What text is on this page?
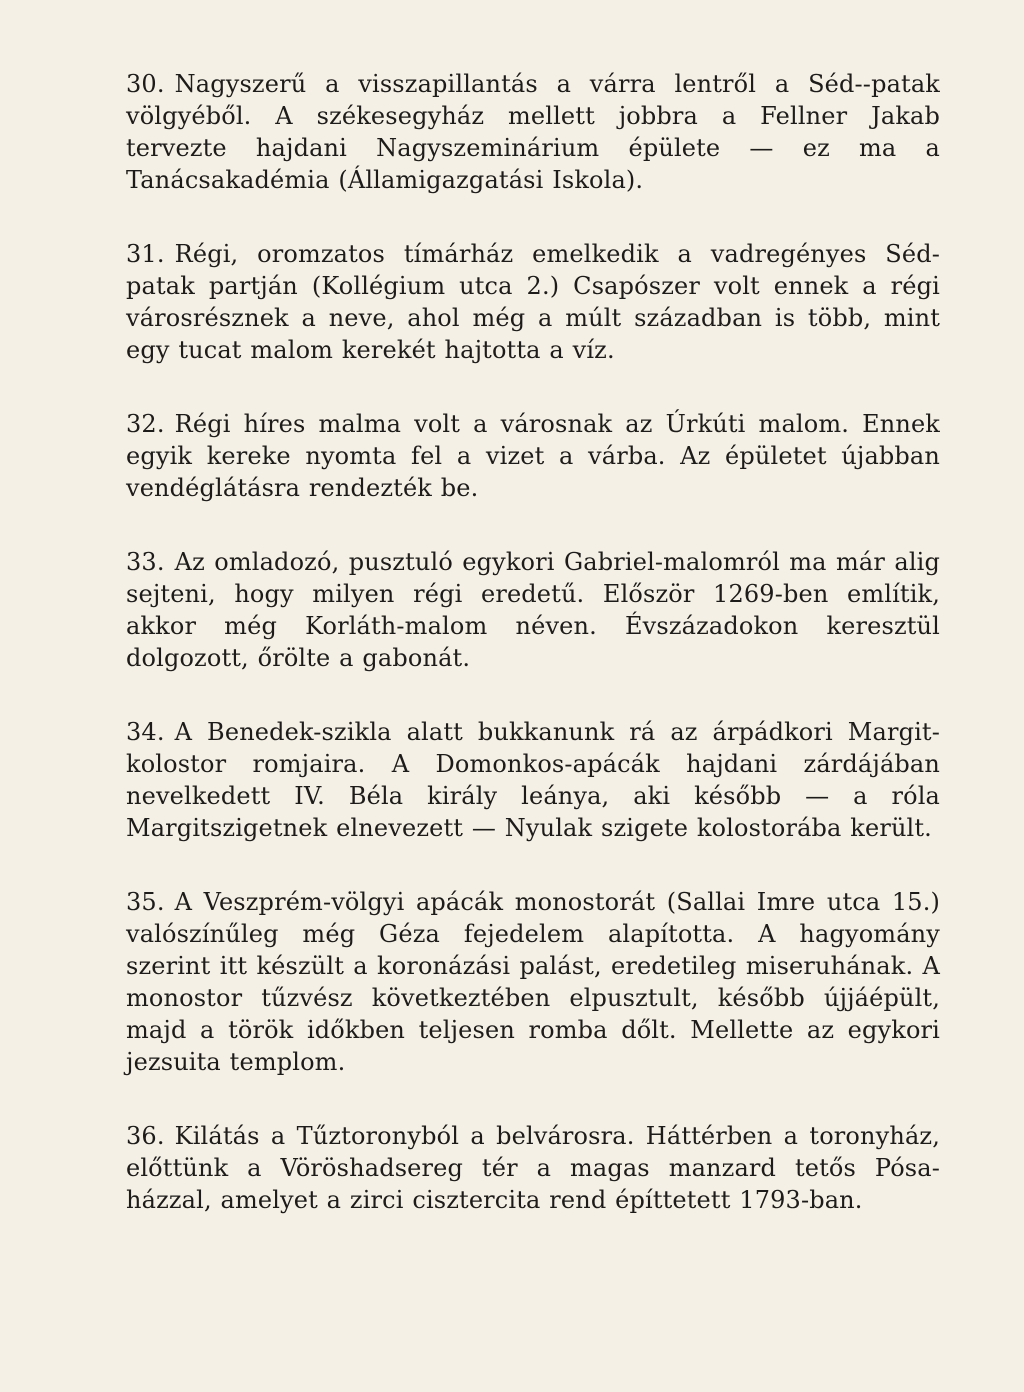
30. Nagyszerű a visszapillantás a várra lentről a Séd--patak völgyéből. A székesegyház mellett jobbra a Fellner Jakab tervezte hajdani Nagyszeminárium épülete — ez ma a Tanácsakadémia (Államigazgatási Iskola).

31. Régi, oromzatos tímárház emelkedik a vadregényes Séd-patak partján (Kollégium utca 2.) Csapószer volt ennek a régi városrésznek a neve, ahol még a múlt században is több, mint egy tucat malom kerekét hajtotta a víz.

32. Régi híres malma volt a városnak az Úrkúti malom. Ennek egyik kereke nyomta fel a vizet a várba. Az épületet újabban vendéglátásra rendezték be.

33. Az omladozó, pusztuló egykori Gabriel-malomról ma már alig sejteni, hogy milyen régi eredetű. Először 1269-ben említik, akkor még Korláth-malom néven. Évszázadokon keresztül dolgozott, őrölte a gabonát.

34. A Benedek-szikla alatt bukkanunk rá az árpádkori Margit-kolostor romjaira. A Domonkos-apácák hajdani zárdájában nevelkedett IV. Béla király leánya, aki később — a róla Margitszigetnek elnevezett — Nyulak szigete kolostorába került.

35. A Veszprém-völgyi apácák monostorát (Sallai Imre utca 15.) valószínűleg még Géza fejedelem alapította. A hagyomány szerint itt készült a koronázási palást, eredetileg miseruhának. A monostor tűzvész következtében elpusztult, később újjáépült, majd a török időkben teljesen romba dőlt. Mellette az egykori jezsuita templom.

36. Kilátás a Tűztoronyból a belvárosra. Háttérben a toronyház, előttünk a Vöröshadsereg tér a magas manzard tetős Pósa-házzal, amelyet a zirci cisztercita rend építtetett 1793-ban.
